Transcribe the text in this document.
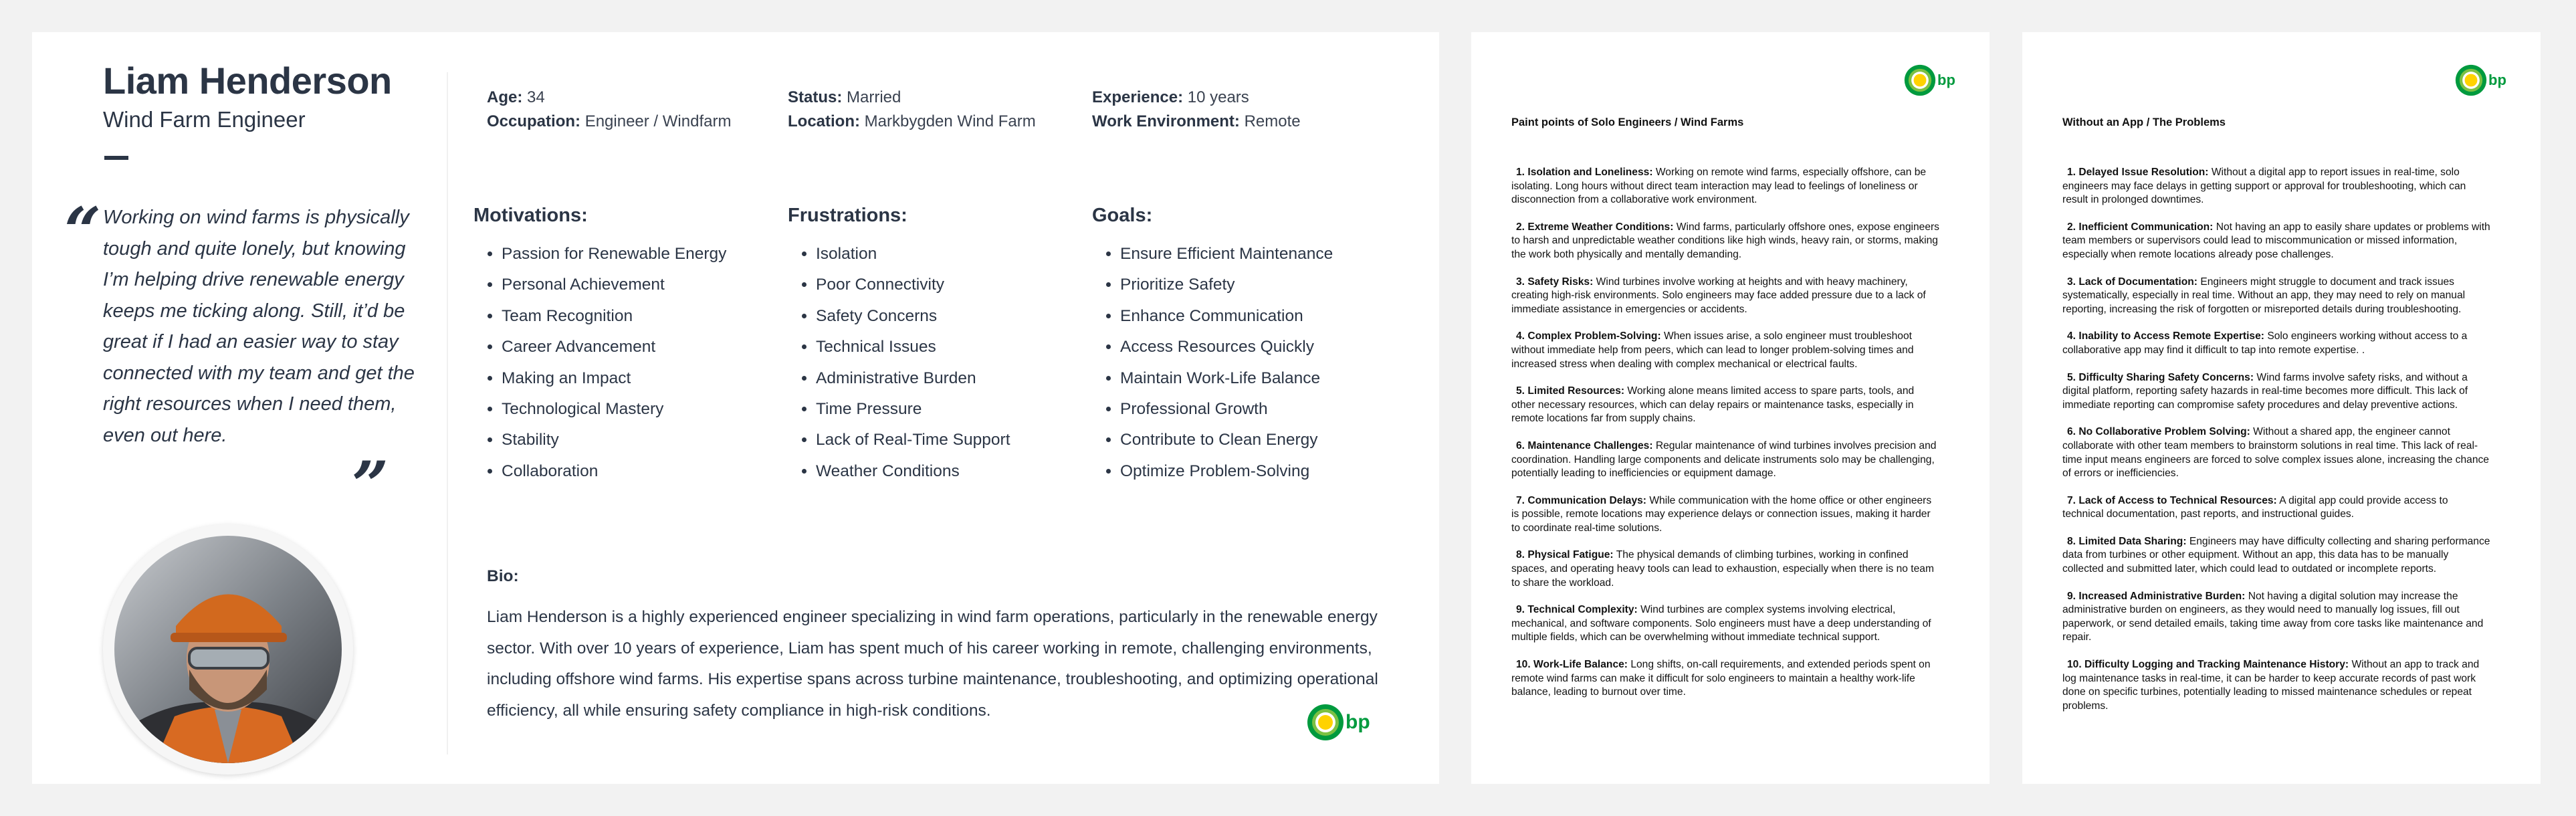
Liam Henderson
Wind Farm Engineer
“ Working on wind farms is physically tough and quite lonely, but knowing I’m helping drive renewable energy keeps me ticking along. Still, it’d be great if I had an easier way to stay connected with my team and get the right resources when I need them, even out here.
”
Age: 34
Occupation: Engineer / Windfarm
Status: Married
Location: Markbygden Wind Farm
Experience: 10 years
Work Environment: Remote
Motivations:
• Passion for Renewable Energy
• Personal Achievement
• Team Recognition
• Career Advancement
• Making an Impact
• Technological Mastery
• Stability
• Collaboration
Frustrations:
• Isolation
• Poor Connectivity
• Safety Concerns
• Technical Issues
• Administrative Burden
• Time Pressure
• Lack of Real-Time Support
• Weather Conditions
Goals:
• Ensure Efficient Maintenance
• Prioritize Safety
• Enhance Communication
• Access Resources Quickly
• Maintain Work-Life Balance
• Professional Growth
• Contribute to Clean Energy
• Optimize Problem-Solving
Bio:
Liam Henderson is a highly experienced engineer specializing in wind farm operations, particularly in the renewable energy sector. With over 10 years of experience, Liam has spent much of his career working in remote, challenging environments, including offshore wind farms. His expertise spans across turbine maintenance, troubleshooting, and optimizing operational efficiency, all while ensuring safety compliance in high-risk conditions.
bp
bp
Paint points of Solo Engineers / Wind Farms
1. Isolation and Loneliness: Working on remote wind farms, especially offshore, can be isolating. Long hours without direct team interaction may lead to feelings of loneliness or disconnection from a collaborative work environment.
2. Extreme Weather Conditions: Wind farms, particularly offshore ones, expose engineers to harsh and unpredictable weather conditions like high winds, heavy rain, or storms, making the work both physically and mentally demanding.
3. Safety Risks: Wind turbines involve working at heights and with heavy machinery, creating high-risk environments. Solo engineers may face added pressure due to a lack of immediate assistance in emergencies or accidents.
4. Complex Problem-Solving: When issues arise, a solo engineer must troubleshoot without immediate help from peers, which can lead to longer problem-solving times and increased stress when dealing with complex mechanical or electrical faults.
5. Limited Resources: Working alone means limited access to spare parts, tools, and other necessary resources, which can delay repairs or maintenance tasks, especially in remote locations far from supply chains.
6. Maintenance Challenges: Regular maintenance of wind turbines involves precision and coordination. Handling large components and delicate instruments solo may be challenging, potentially leading to inefficiencies or equipment damage.
7. Communication Delays: While communication with the home office or other engineers is possible, remote locations may experience delays or connection issues, making it harder to coordinate real-time solutions.
8. Physical Fatigue: The physical demands of climbing turbines, working in confined spaces, and operating heavy tools can lead to exhaustion, especially when there is no team to share the workload.
9. Technical Complexity: Wind turbines are complex systems involving electrical, mechanical, and software components. Solo engineers must have a deep understanding of multiple fields, which can be overwhelming without immediate technical support.
10. Work-Life Balance: Long shifts, on-call requirements, and extended periods spent on remote wind farms can make it difficult for solo engineers to maintain a healthy work-life balance, leading to burnout over time.
bp
Without an App / The Problems
1. Delayed Issue Resolution: Without a digital app to report issues in real-time, solo engineers may face delays in getting support or approval for troubleshooting, which can result in prolonged downtimes.
2. Inefficient Communication: Not having an app to easily share updates or problems with team members or supervisors could lead to miscommunication or missed information, especially when remote locations already pose challenges.
3. Lack of Documentation: Engineers might struggle to document and track issues systematically, especially in real time. Without an app, they may need to rely on manual reporting, increasing the risk of forgotten or misreported details during troubleshooting.
4. Inability to Access Remote Expertise: Solo engineers working without access to a collaborative app may find it difficult to tap into remote expertise. .
5. Difficulty Sharing Safety Concerns: Wind farms involve safety risks, and without a digital platform, reporting safety hazards in real-time becomes more difficult. This lack of immediate reporting can compromise safety procedures and delay preventive actions.
6. No Collaborative Problem Solving: Without a shared app, the engineer cannot collaborate with other team members to brainstorm solutions in real time. This lack of real-time input means engineers are forced to solve complex issues alone, increasing the chance of errors or inefficiencies.
7. Lack of Access to Technical Resources: A digital app could provide access to technical documentation, past reports, and instructional guides.
8. Limited Data Sharing: Engineers may have difficulty collecting and sharing performance data from turbines or other equipment. Without an app, this data has to be manually collected and submitted later, which could lead to outdated or incomplete reports.
9. Increased Administrative Burden: Not having a digital solution may increase the administrative burden on engineers, as they would need to manually log issues, fill out paperwork, or send detailed emails, taking time away from core tasks like maintenance and repair.
10. Difficulty Logging and Tracking Maintenance History: Without an app to track and log maintenance tasks in real-time, it can be harder to keep accurate records of past work done on specific turbines, potentially leading to missed maintenance schedules or repeat problems.
